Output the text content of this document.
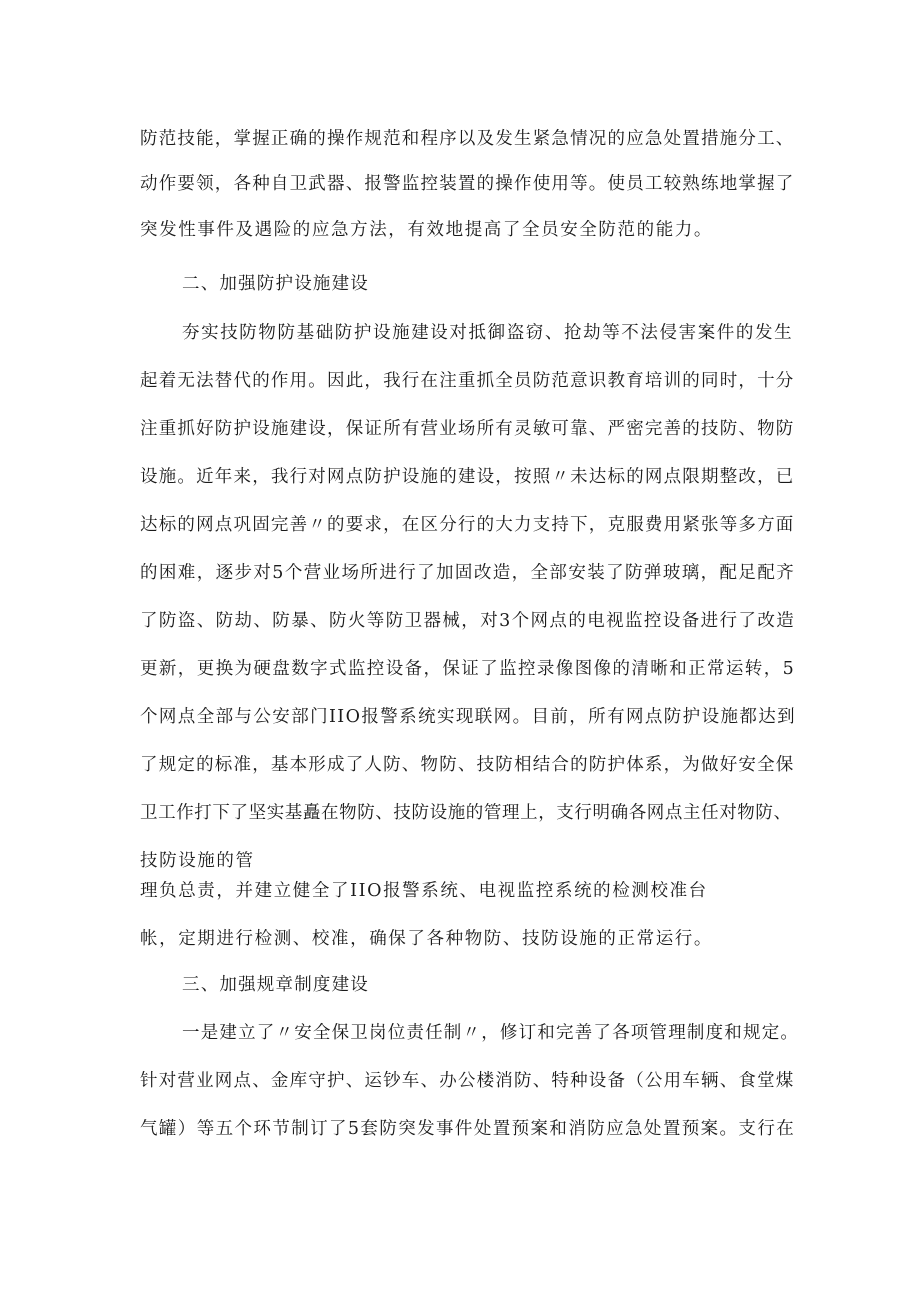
防范技能，掌握正确的操作规范和程序以及发生紧急情况的应急处置措施分工、
动作要领，各种自卫武器、报警监控装置的操作使用等。使员工较熟练地掌握了
突发性事件及遇险的应急方法，有效地提高了全员安全防范的能力。
二、加强防护设施建设
夯实技防物防基础防护设施建设对抵御盗窃、抢劫等不法侵害案件的发生
起着无法替代的作用。因此，我行在注重抓全员防范意识教育培训的同时，十分
注重抓好防护设施建设，保证所有营业场所有灵敏可靠、严密完善的技防、物防
设施。近年来，我行对网点防护设施的建设，按照〃未达标的网点限期整改，已
达标的网点巩固完善〃的要求，在区分行的大力支持下，克服费用紧张等多方面
的困难，逐步对5个营业场所进行了加固改造，全部安装了防弹玻璃，配足配齐
了防盗、防劫、防暴、防火等防卫器械，对3个网点的电视监控设备进行了改造
更新，更换为硬盘数字式监控设备，保证了监控录像图像的清晰和正常运转，5
个网点全部与公安部门IIO报警系统实现联网。目前，所有网点防护设施都达到
了规定的标准，基本形成了人防、物防、技防相结合的防护体系，为做好安全保
卫工作打下了坚实基矗在物防、技防设施的管理上，支行明确各网点主任对物防、
技防设施的管
理负总责，并建立健全了IIO报警系统、电视监控系统的检测校准台
帐，定期进行检测、校准，确保了各种物防、技防设施的正常运行。
三、加强规章制度建设
一是建立了〃安全保卫岗位责任制〃，修订和完善了各项管理制度和规定。
针对营业网点、金库守护、运钞车、办公楼消防、特种设备（公用车辆、食堂煤
气罐）等五个环节制订了5套防突发事件处置预案和消防应急处置预案。支行在
